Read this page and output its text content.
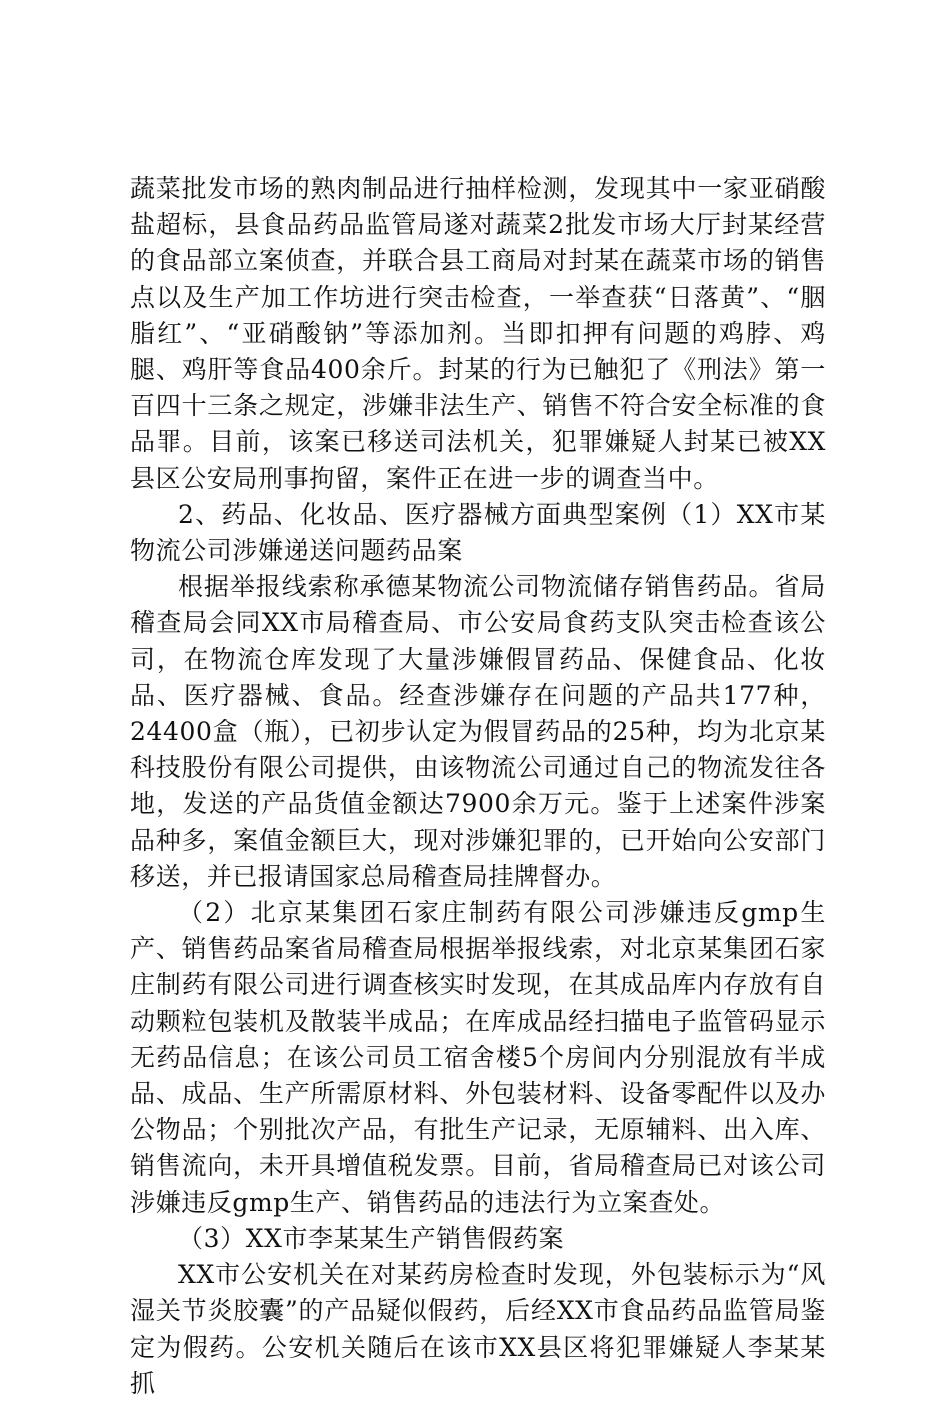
蔬菜批发市场的熟肉制品进行抽样检测，发现其中一家亚硝酸盐超标，县食品药品监管局遂对蔬菜2批发市场大厅封某经营的食品部立案侦查，并联合县工商局对封某在蔬菜市场的销售点以及生产加工作坊进行突击检查，一举查获“日落黄”、“胭脂红”、“亚硝酸钠”等添加剂。当即扣押有问题的鸡脖、鸡腿、鸡肝等食品400余斤。封某的行为已触犯了《刑法》第一百四十三条之规定，涉嫌非法生产、销售不符合安全标准的食品罪。目前，该案已移送司法机关，犯罪嫌疑人封某已被XX县区公安局刑事拘留，案件正在进一步的调查当中。

2、药品、化妆品、医疗器械方面典型案例（1）XX市某物流公司涉嫌递送问题药品案

根据举报线索称承德某物流公司物流储存销售药品。省局稽查局会同XX市局稽查局、市公安局食药支队突击检查该公司，在物流仓库发现了大量涉嫌假冒药品、保健食品、化妆品、医疗器械、食品。经查涉嫌存在问题的产品共177种，24400盒（瓶），已初步认定为假冒药品的25种，均为北京某科技股份有限公司提供，由该物流公司通过自己的物流发往各地，发送的产品货值金额达7900余万元。鉴于上述案件涉案品种多，案值金额巨大，现对涉嫌犯罪的，已开始向公安部门移送，并已报请国家总局稽查局挂牌督办。

（2）北京某集团石家庄制药有限公司涉嫌违反gmp生产、销售药品案省局稽查局根据举报线索，对北京某集团石家庄制药有限公司进行调查核实时发现，在其成品库内存放有自动颗粒包装机及散装半成品；在库成品经扫描电子监管码显示无药品信息；在该公司员工宿舍楼5个房间内分别混放有半成品、成品、生产所需原材料、外包装材料、设备零配件以及办公物品；个别批次产品，有批生产记录，无原辅料、出入库、销售流向，未开具增值税发票。目前，省局稽查局已对该公司涉嫌违反gmp生产、销售药品的违法行为立案查处。

（3）XX市李某某生产销售假药案

XX市公安机关在对某药房检查时发现，外包装标示为“风湿关节炎胶囊”的产品疑似假药，后经XX市食品药品监管局鉴定为假药。公安机关随后在该市XX县区将犯罪嫌疑人李某某抓
